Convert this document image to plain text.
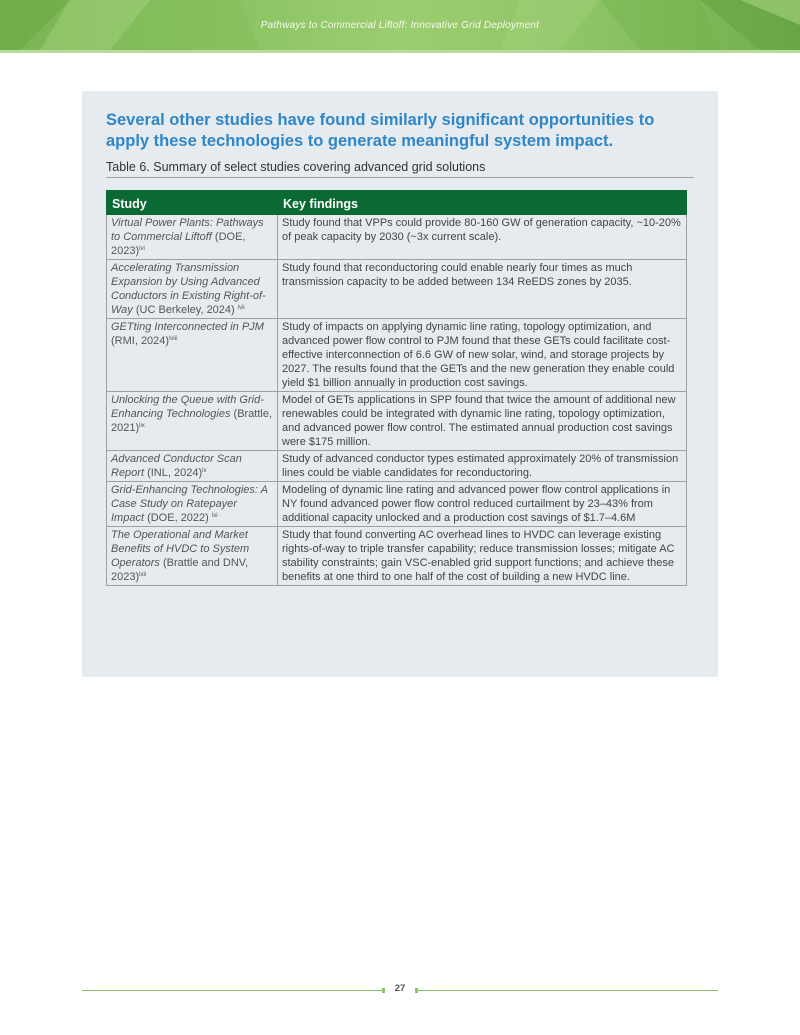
Pathways to Commercial Liftoff: Innovative Grid Deployment
Several other studies have found similarly significant opportunities to apply these technologies to generate meaningful system impact.
Table 6. Summary of select studies covering advanced grid solutions
Study	Key findings
Virtual Power Plants: Pathways to Commercial Liftoff (DOE, 2023)$^{lvi}$	Study found that VPPs could provide 80-160 GW of generation capacity, ~10-20% of peak capacity by 2030 (~3x current scale).
Accelerating Transmission Expansion by Using Advanced Conductors in Existing Right-of-Way (UC Berkeley, 2024) $^{lvii}$	Study found that reconductoring could enable nearly four times as much transmission capacity to be added between 134 ReEDS zones by 2035.
GETting Interconnected in PJM (RMI, 2024)$^{lviii}$	Study of impacts on applying dynamic line rating, topology optimization, and advanced power flow control to PJM found that these GETs could facilitate cost-effective interconnection of 6.6 GW of new solar, wind, and storage projects by 2027. The results found that the GETs and the new generation they enable could yield $1 billion annually in production cost savings.
Unlocking the Queue with Grid-Enhancing Technologies (Brattle, 2021)$^{lix}$	Model of GETs applications in SPP found that twice the amount of additional new renewables could be integrated with dynamic line rating, topology optimization, and advanced power flow control. The estimated annual production cost savings were $175 million.
Advanced Conductor Scan Report (INL, 2024)$^{lx}$	Study of advanced conductor types estimated approximately 20% of transmission lines could be viable candidates for reconductoring.
Grid-Enhancing Technologies: A Case Study on Ratepayer Impact (DOE, 2022) $^{lxi}$	Modeling of dynamic line rating and advanced power flow control applications in NY found advanced power flow control reduced curtailment by 23–43% from additional capacity unlocked and a production cost savings of $1.7–4.6M
The Operational and Market Benefits of HVDC to System Operators (Brattle and DNV, 2023)$^{lxii}$	Study that found converting AC overhead lines to HVDC can leverage existing rights-of-way to triple transfer capability; reduce transmission losses; mitigate AC stability constraints; gain VSC-enabled grid support functions; and achieve these benefits at one third to one half of the cost of building a new HVDC line.
27
